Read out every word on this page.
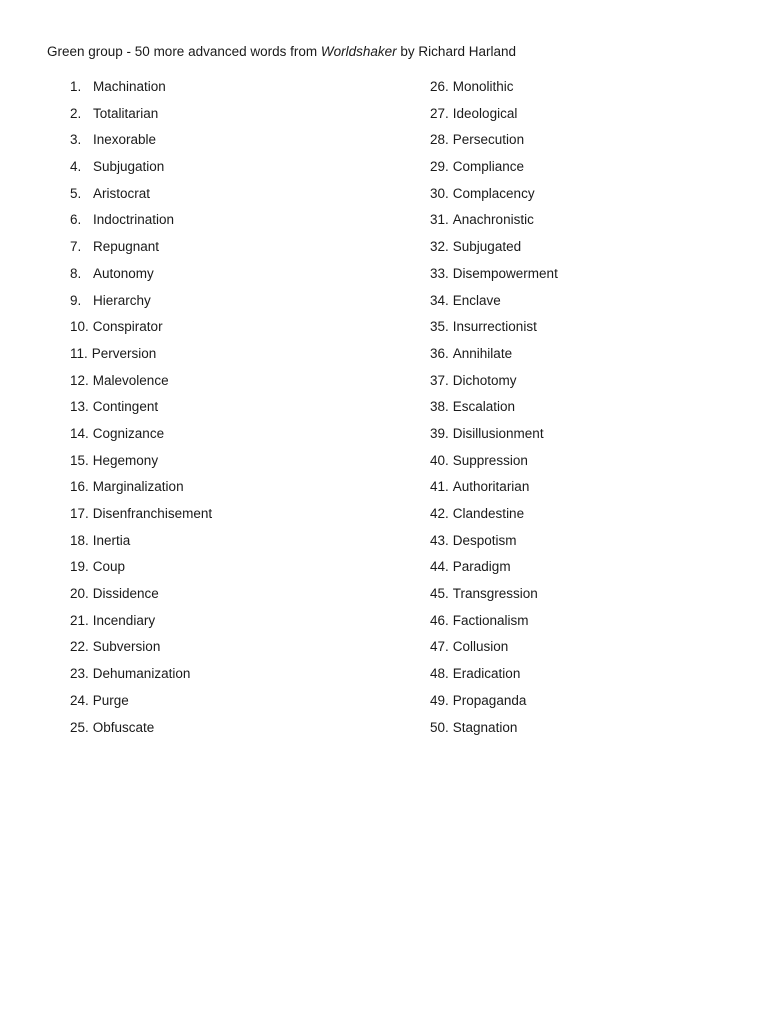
Green group - 50 more advanced words from Worldshaker by Richard Harland
1. Machination
2. Totalitarian
3. Inexorable
4. Subjugation
5. Aristocrat
6. Indoctrination
7. Repugnant
8. Autonomy
9. Hierarchy
10. Conspirator
11. Perversion
12. Malevolence
13. Contingent
14. Cognizance
15. Hegemony
16. Marginalization
17. Disenfranchisement
18. Inertia
19. Coup
20. Dissidence
21. Incendiary
22. Subversion
23. Dehumanization
24. Purge
25. Obfuscate
26. Monolithic
27. Ideological
28. Persecution
29. Compliance
30. Complacency
31. Anachronistic
32. Subjugated
33. Disempowerment
34. Enclave
35. Insurrectionist
36. Annihilate
37. Dichotomy
38. Escalation
39. Disillusionment
40. Suppression
41. Authoritarian
42. Clandestine
43. Despotism
44. Paradigm
45. Transgression
46. Factionalism
47. Collusion
48. Eradication
49. Propaganda
50. Stagnation
